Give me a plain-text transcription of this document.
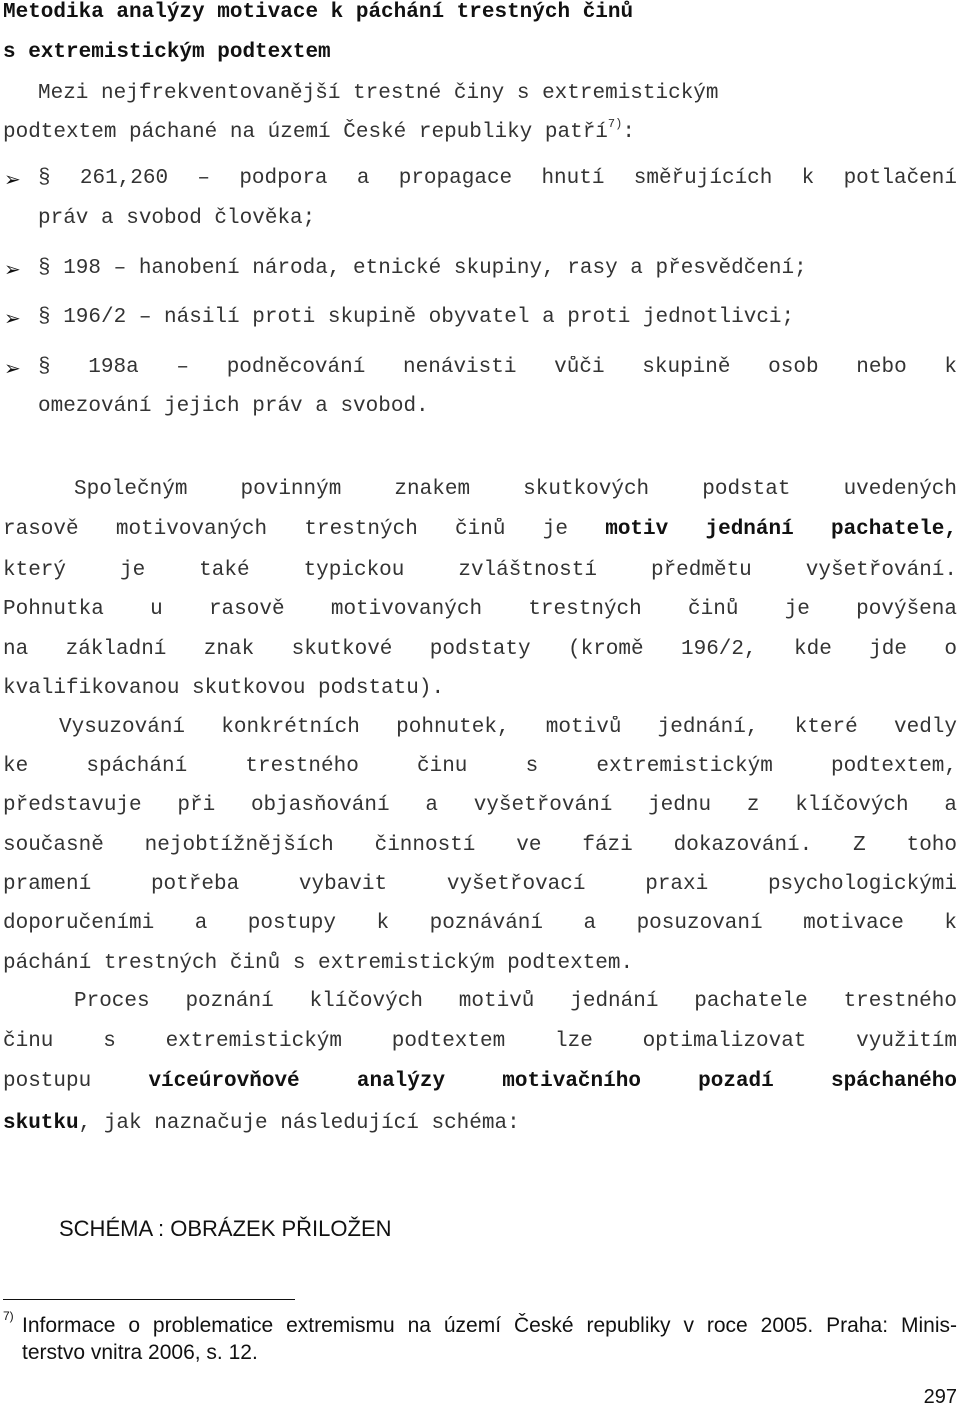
Metodika analýzy motivace k páchání trestných činů
s extremistickým podtextem
Mezi nejfrekventovanější trestné činy s extremistickým
podtextem páchané na území České republiky patří$^{7)}$:
➢ § 261,260 – podpora a propagace hnutí směřujících k potlačení
práv a svobod člověka;
➢ § 198 – hanobení národa, etnické skupiny, rasy a přesvědčení;
➢ § 196/2 – násilí proti skupině obyvatel a proti jednotlivci;
➢ § 198a – podněcování nenávisti vůči skupině osob nebo k
omezování jejich práv a svobod.
Společným povinným znakem skutkových podstat uvedených
rasově motivovaných trestných činů je motiv jednání pachatele,
který je také typickou zvláštností předmětu vyšetřování.
Pohnutka u rasově motivovaných trestných činů je povýšena
na základní znak skutkové podstaty (kromě 196/2, kde jde o
kvalifikovanou skutkovou podstatu).
Vysuzování konkrétních pohnutek, motivů jednání, které vedly
ke spáchání trestného činu s extremistickým podtextem,
představuje při objasňování a vyšetřování jednu z klíčových a
současně nejobtížnějších činností ve fázi dokazování. Z toho
pramení potřeba vybavit vyšetřovací praxi psychologickými
doporučeními a postupy k poznávání a posuzovaní motivace k
páchání trestných činů s extremistickým podtextem.
Proces poznání klíčových motivů jednání pachatele trestného
činu s extremistickým podtextem lze optimalizovat využitím
postupu	víceúrovňové analýzy motivačního pozadí spáchaného
skutku, jak naznačuje následující schéma:
SCHÉMA : OBRÁZEK PŘILOŽEN
7) Informace o problematice extremismu na území České republiky v roce 2005. Praha: Minis-
terstvo vnitra 2006, s. 12.
297
